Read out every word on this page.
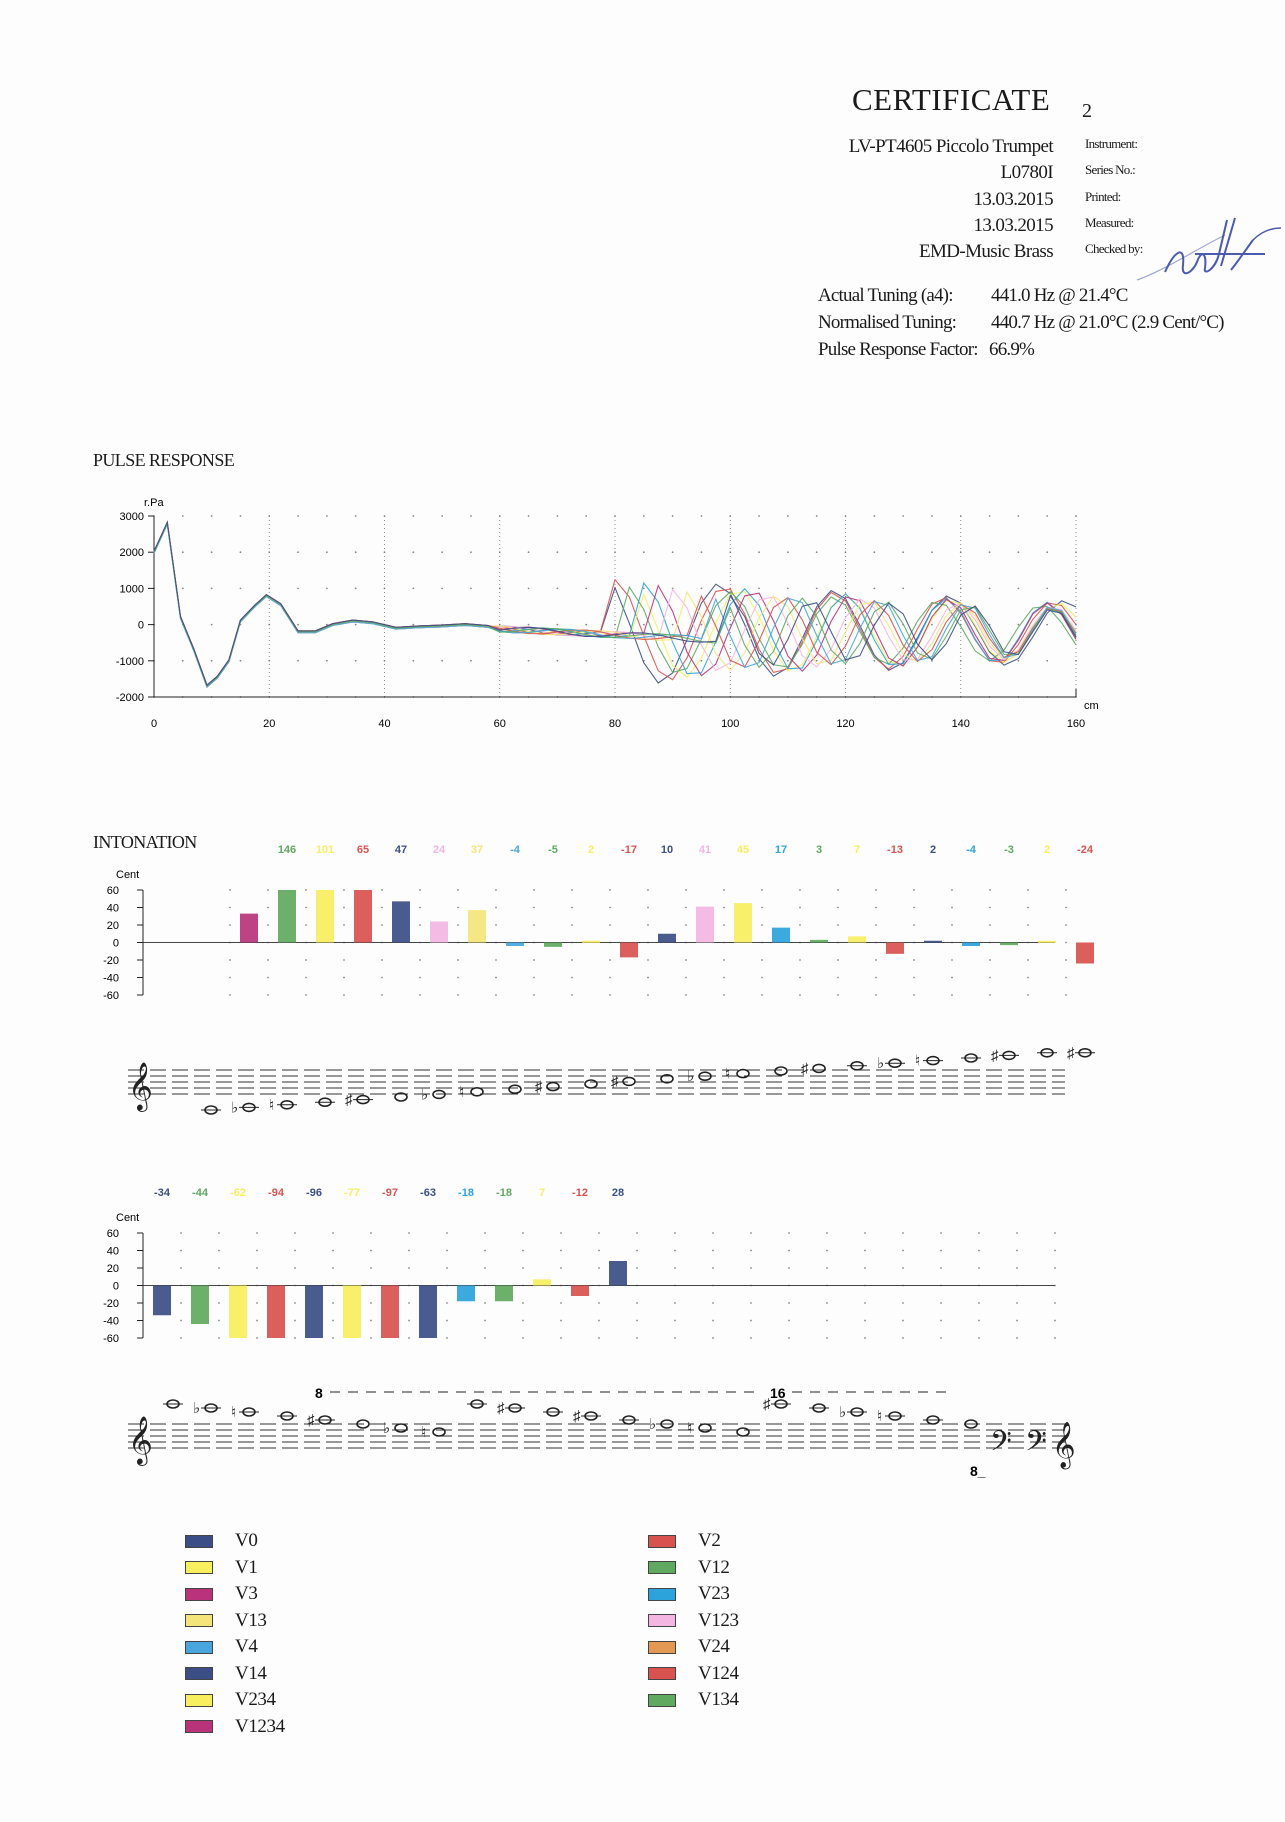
CERTIFICATE 2
LV-PT4605 Piccolo Trumpet Instrument:
L0780I Series No.:
13.03.2015 Printed:
13.03.2015 Measured:
EMD-Music Brass Checked by:
Actual Tuning (a4): 441.0 Hz @ 21.4°C
Normalised Tuning: 440.7 Hz @ 21.0°C (2.9 Cent/°C)
Pulse Response Factor: 66.9%
PULSE RESPONSE
3000
2000
1000
0
-1000
-2000
0	20	40	60	80	100	120	140	160
r.Pa
cm
INTONATION
60
40
20
0
-20
-40
-60
Cent
146 101 65 47 24 37 -4	-5	2 -17 10 41 45 17	3	7 -13 2	-4	-3	2 -24
𝄞	♭ ♮	♯	♭ ♮	♯	♯	♭ ♮	♯	♭ ♮	♯	♯
60
40
20
0
-20
-40
-60
Cent
-34 -44 -62 -94 -96 -77 -97 -63 -18 -18 7 -12 28
𝄞
♭ ♮	♯	♭ ♮
♯	♯	♭ ♮
♯	♭ ♮
8	16
𝄢 𝄢 𝄞
8_
V0
V1
V3
V13
V4
V14
V234
V1234
V2
V12
V23
V123
V24
V124
V134
